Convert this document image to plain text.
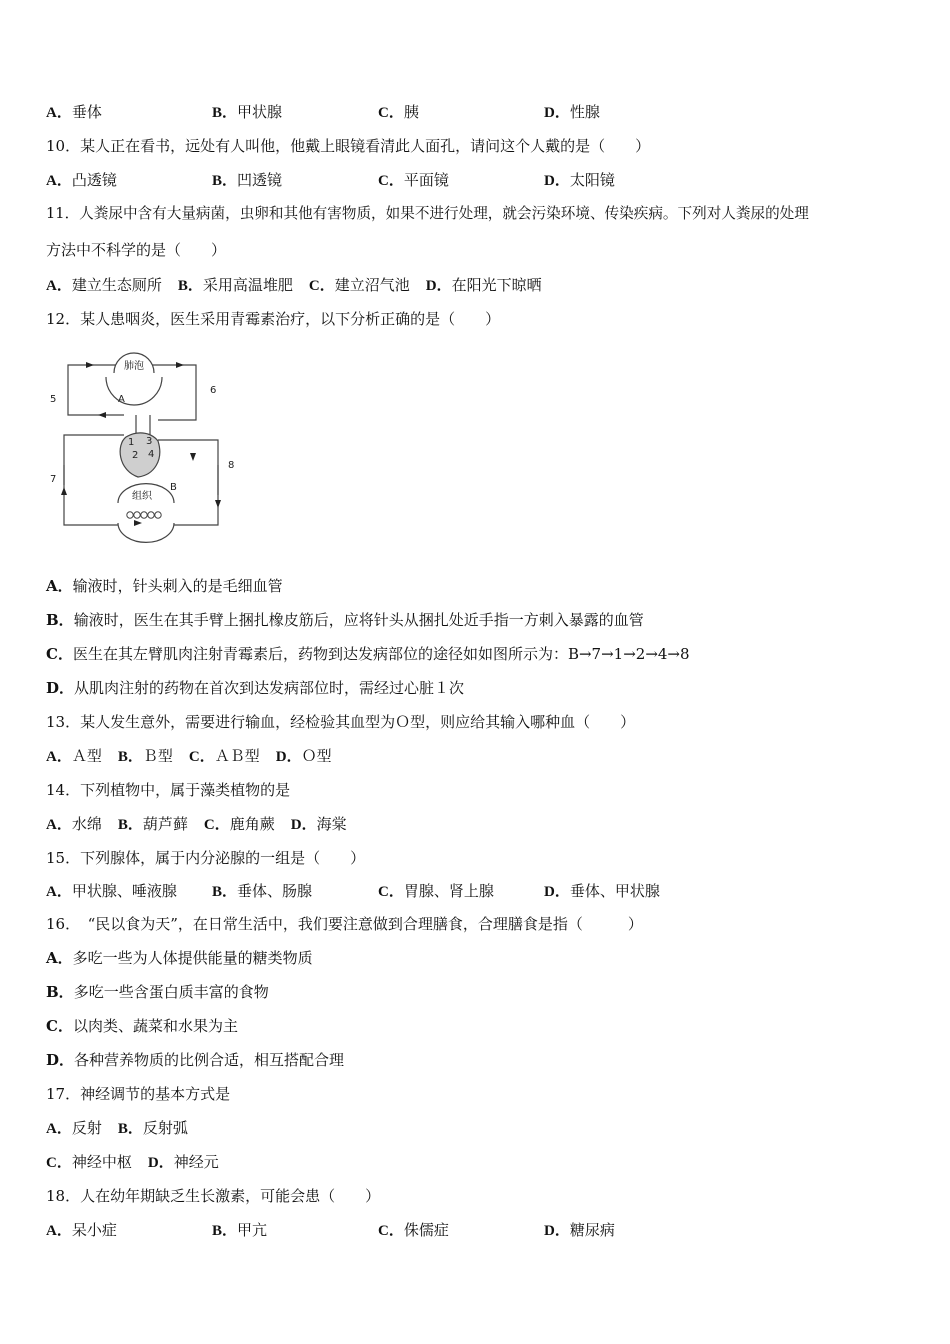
A．垂体	B．甲状腺	C．胰	D．性腺
10．某人正在看书，远处有人叫他，他戴上眼镜看清此人面孔，请问这个人戴的是（　　）
A．凸透镜	B．凹透镜	C．平面镜	D．太阳镜
11．人粪尿中含有大量病菌，虫卵和其他有害物质，如果不进行处理，就会污染环境、传染疾病。下列对人粪尿的处理
方法中不科学的是（　　）
A．建立生态厕所 B．采用高温堆肥 C．建立沼气池 D．在阳光下晾晒
12．某人患咽炎，医生采用青霉素治疗，以下分析正确的是（　　）
肺泡
组织
5
6
7
8
A
B
1
2
3
4
A．输液时，针头刺入的是毛细血管
B．输液时，医生在其手臂上捆扎橡皮筋后，应将针头从捆扎处近手指一方刺入暴露的血管
C．医生在其左臂肌肉注射青霉素后，药物到达发病部位的途径如如图所示为：B→7→1→2→4→8
D．从肌肉注射的药物在首次到达发病部位时，需经过心脏１次
13．某人发生意外，需要进行输血，经检验其血型为Ｏ型，则应给其输入哪种血（　　）
A．Ａ型 B．Ｂ型 C．ＡＢ型 D．Ｏ型
14．下列植物中，属于藻类植物的是
A．水绵 B．葫芦藓 C．鹿角蕨 D．海棠
15．下列腺体，属于内分泌腺的一组是（　　）
A．甲状腺、唾液腺 B．垂体、肠腺	C．胃腺、肾上腺	D．垂体、甲状腺
16．　“民以食为天”，在日常生活中，我们要注意做到合理膳食，合理膳食是指（　　　）
A．多吃一些为人体提供能量的糖类物质
B．多吃一些含蛋白质丰富的食物
C．以肉类、蔬菜和水果为主
D．各种营养物质的比例合适，相互搭配合理
17．神经调节的基本方式是
A．反射 B．反射弧
C．神经中枢 D．神经元
18．人在幼年期缺乏生长激素，可能会患（　　）
A．呆小症	B．甲亢	C．侏儒症	D．糖尿病
